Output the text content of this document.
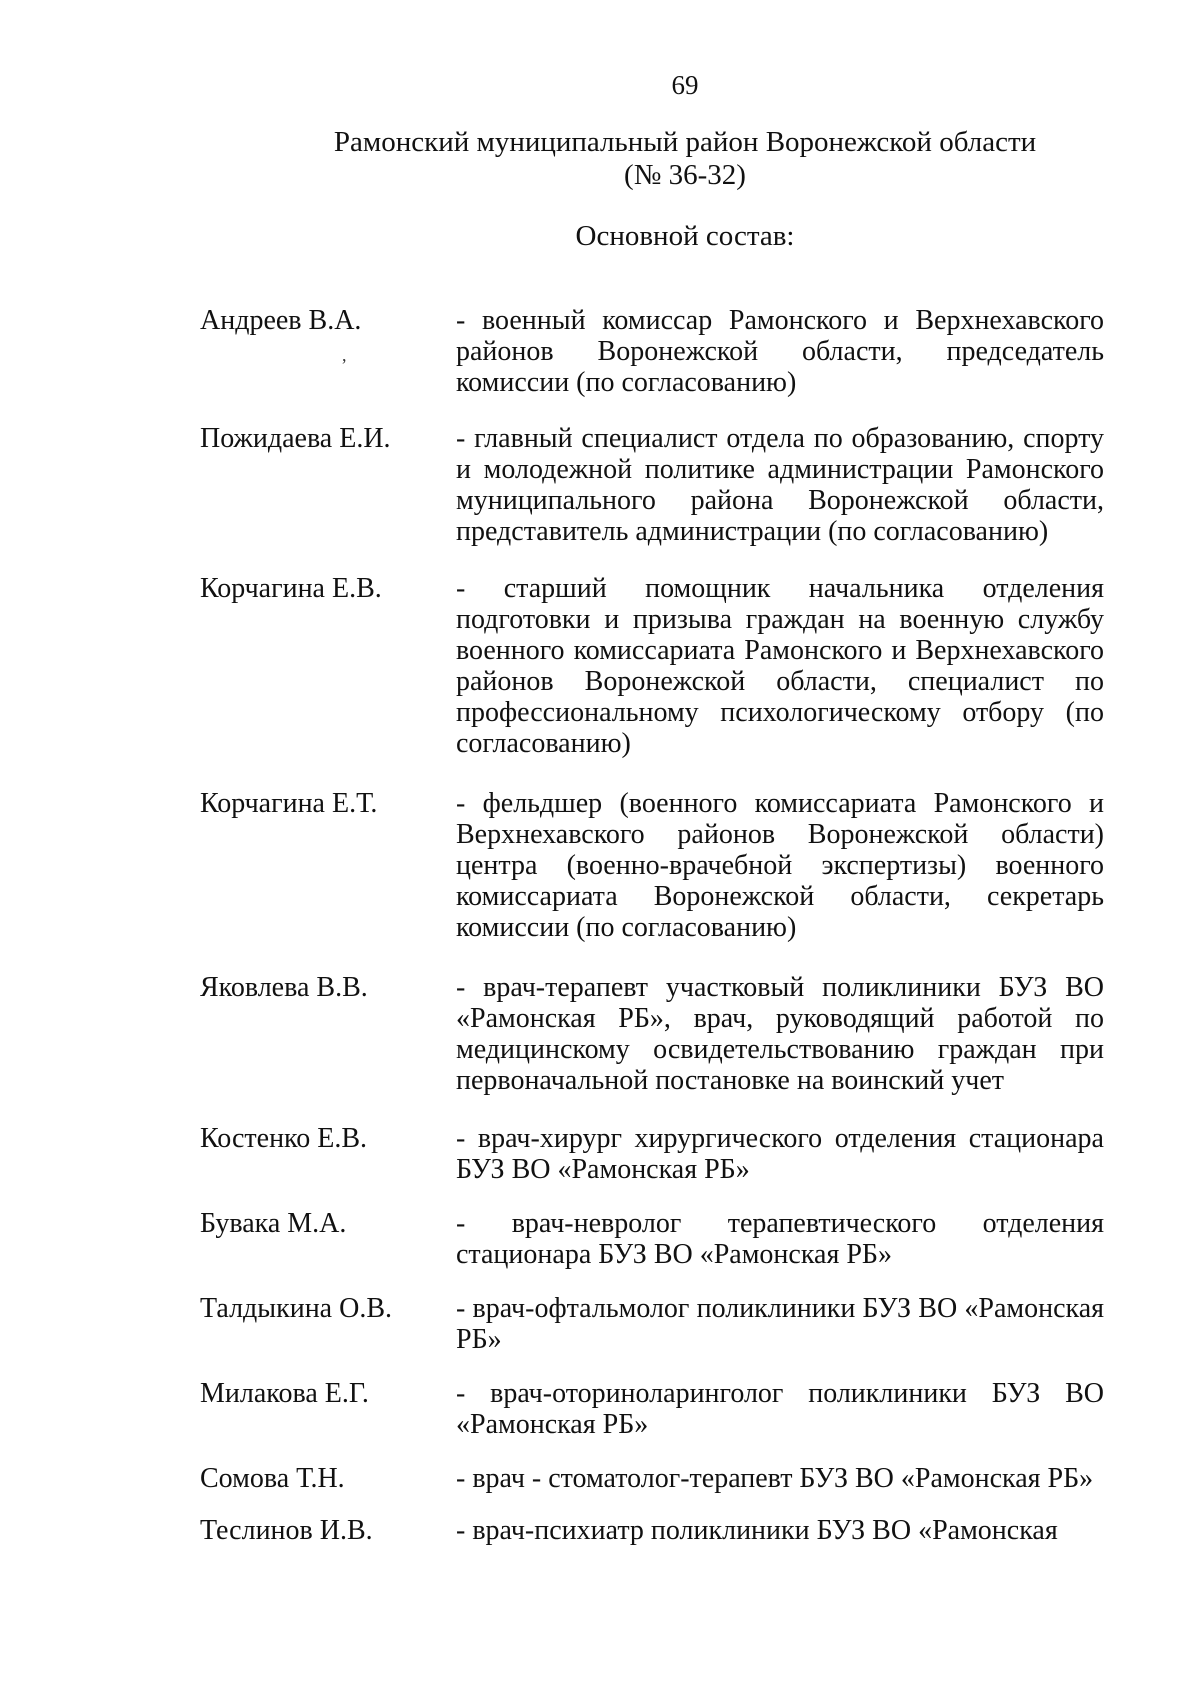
69
Рамонский муниципальный район Воронежской области
(№ 36-32)
Основной состав:
,
Андреев В.А.	- военный комиссар Рамонского и Верхнехавского районов Воронежской области, председатель комиссии (по согласованию)
Пожидаева Е.И. - главный специалист отдела по образованию, спорту и молодежной политике администрации Рамонского муниципального района Воронежской области, представитель администрации (по согласованию)
Корчагина Е.В.	- старший помощник начальника отделения подготовки и призыва граждан на военную службу военного комиссариата Рамонского и Верхнехавского районов Воронежской области, специалист по профессиональному психологическому отбору (по согласованию)
Корчагина Е.Т.	- фельдшер (военного комиссариата Рамонского и Верхнехавского районов Воронежской области) центра (военно-врачебной экспертизы) военного комиссариата Воронежской области, секретарь комиссии (по согласованию)
Яковлева В.В.	- врач-терапевт участковый поликлиники БУЗ ВО «Рамонская РБ», врач, руководящий работой по медицинскому освидетельствованию граждан при первоначальной постановке на воинский учет
Костенко Е.В.	- врач-хирург хирургического отделения стационара БУЗ ВО «Рамонская РБ»
Бувака М.А.	- врач-невролог терапевтического отделения стационара БУЗ ВО «Рамонская РБ»
Талдыкина О.В. - врач-офтальмолог поликлиники БУЗ ВО «Рамонская РБ»
Милакова Е.Г.	- врач-оториноларинголог поликлиники БУЗ ВО «Рамонская РБ»
Сомова Т.Н.	- врач - стоматолог-терапевт БУЗ ВО «Рамонская РБ»
Теслинов И.В.	- врач-психиатр поликлиники БУЗ ВО «Рамонская
